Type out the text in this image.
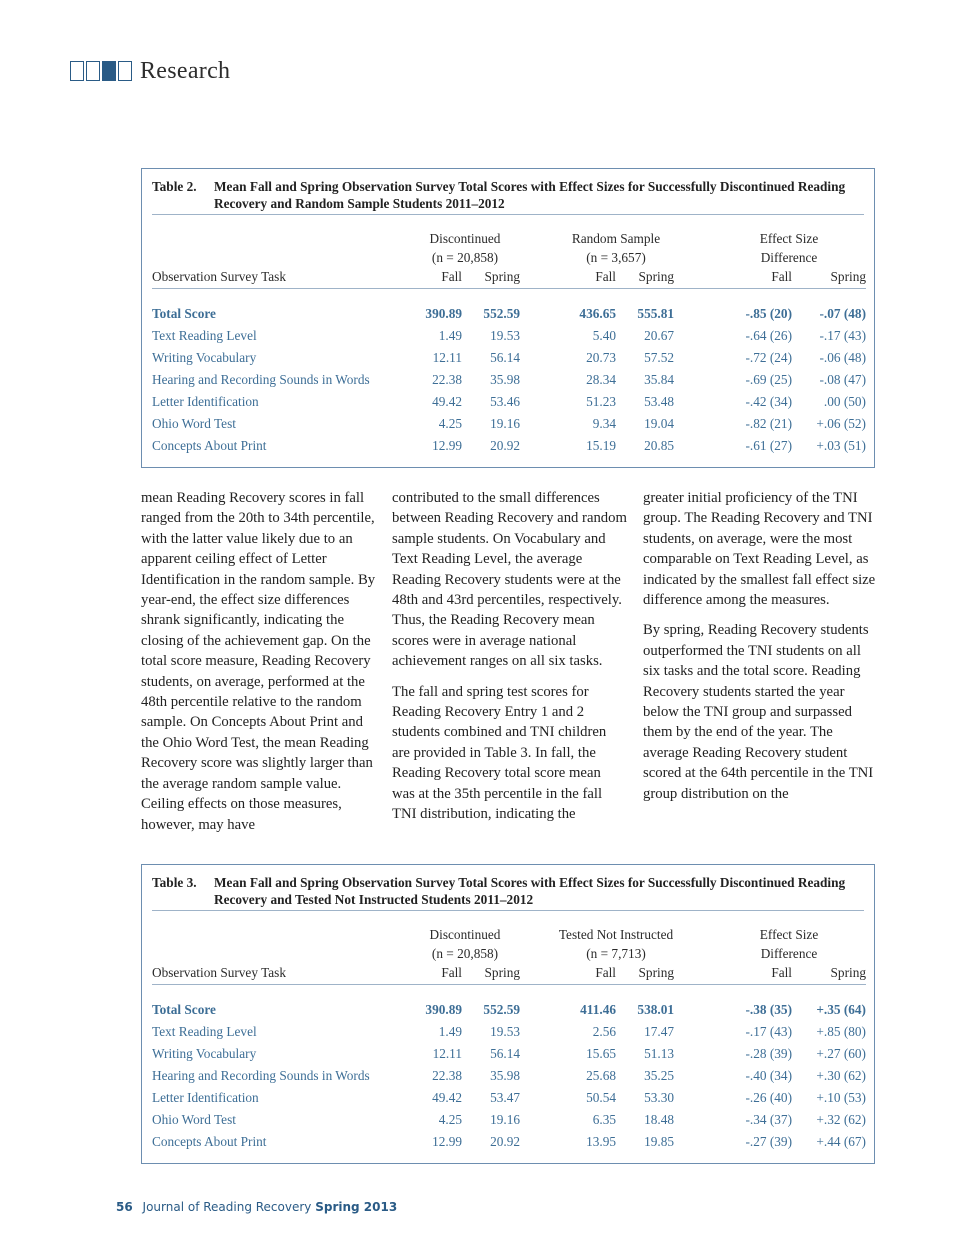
Research
Table 2.	Mean Fall and Spring Observation Survey Total Scores with Effect Sizes for Successfully Discontinued Reading Recovery and Random Sample Students 2011–2012
	Discontinued			Random Sample			Effect Size	
	(n = 20,858)			(n = 3,657)			Difference	
Observation Survey Task	Fall	Spring		Fall	Spring		Fall	Spring
Total Score	390.89	552.59		436.65	555.81		-.85 (20)	-.07 (48)
Text Reading Level	1.49	19.53		5.40	20.67		-.64 (26)	-.17 (43)
Writing Vocabulary	12.11	56.14		20.73	57.52		-.72 (24)	-.06 (48)
Hearing and Recording Sounds in Words	22.38	35.98		28.34	35.84		-.69 (25)	-.08 (47)
Letter Identification	49.42	53.46		51.23	53.48		-.42 (34)	.00 (50)
Ohio Word Test	4.25	19.16		9.34	19.04		-.82 (21)	+.06 (52)
Concepts About Print	12.99	20.92		15.19	20.85		-.61 (27)	+.03 (51)

mean Reading Recovery scores in fall ranged from the 20th to 34th percentile, with the latter value likely due to an apparent ceiling effect of Letter Identification in the random sample. By year-end, the effect size differences shrank significantly, indicating the closing of the achievement gap. On the total score measure, Reading Recovery students, on average, performed at the 48th percentile relative to the random sample. On Concepts About Print and the Ohio Word Test, the mean Reading Recovery score was slightly larger than the average random sample value. Ceiling effects on those measures, however, may have

contributed to the small differences between Reading Recovery and random sample students. On Vocabulary and Text Reading Level, the average Reading Recovery students were at the 48th and 43rd percentiles, respectively. Thus, the Reading Recovery mean scores were in average national achievement ranges on all six tasks.

The fall and spring test scores for Reading Recovery Entry 1 and 2 students combined and TNI children are provided in Table 3. In fall, the Reading Recovery total score mean was at the 35th percentile in the fall TNI distribution, indicating the

greater initial proficiency of the TNI group. The Reading Recovery and TNI students, on average, were the most comparable on Text Reading Level, as indicated by the smallest fall effect size difference among the measures.

By spring, Reading Recovery students outperformed the TNI students on all six tasks and the total score. Reading Recovery students started the year below the TNI group and surpassed them by the end of the year. The average Reading Recovery student scored at the 64th percentile in the TNI group distribution on the

Table 3.	Mean Fall and Spring Observation Survey Total Scores with Effect Sizes for Successfully Discontinued Reading Recovery and Tested Not Instructed Students 2011–2012
	Discontinued			Tested Not Instructed			Effect Size	
	(n = 20,858)			(n = 7,713)			Difference	
Observation Survey Task	Fall	Spring		Fall	Spring		Fall	Spring
Total Score	390.89	552.59		411.46	538.01		-.38 (35)	+.35 (64)
Text Reading Level	1.49	19.53		2.56	17.47		-.17 (43)	+.85 (80)
Writing Vocabulary	12.11	56.14		15.65	51.13		-.28 (39)	+.27 (60)
Hearing and Recording Sounds in Words	22.38	35.98		25.68	35.25		-.40 (34)	+.30 (62)
Letter Identification	49.42	53.47		50.54	53.30		-.26 (40)	+.10 (53)
Ohio Word Test	4.25	19.16		6.35	18.48		-.34 (37)	+.32 (62)
Concepts About Print	12.99	20.92		13.95	19.85		-.27 (39)	+.44 (67)
56 Journal of Reading Recovery Spring 2013
